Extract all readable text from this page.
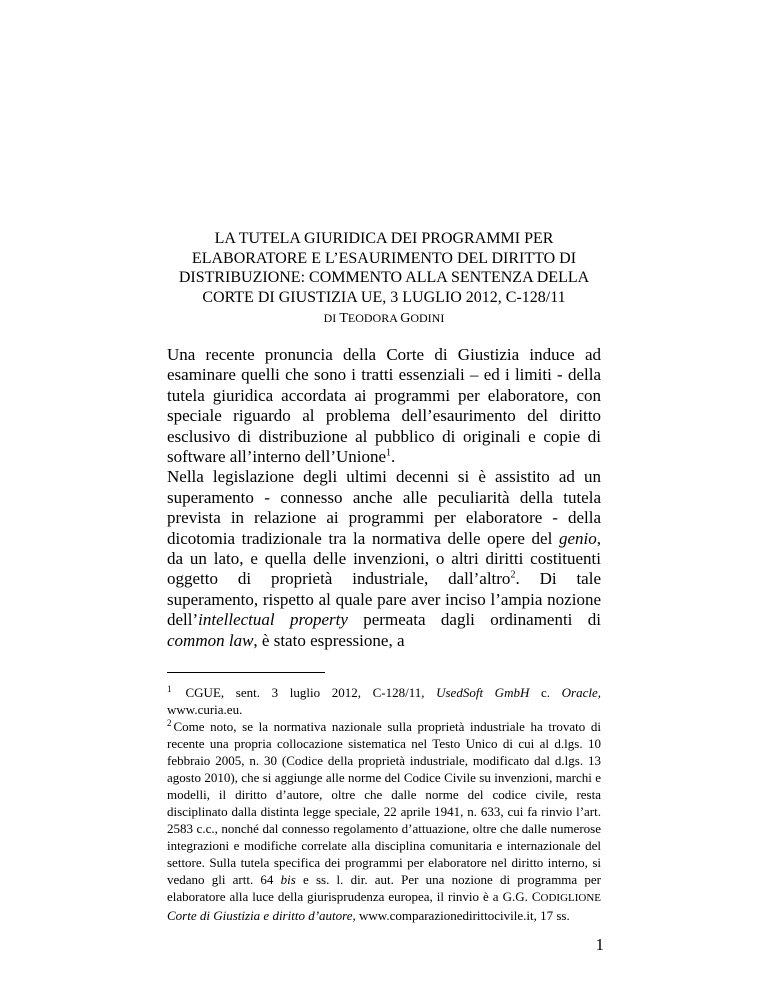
LA TUTELA GIURIDICA DEI PROGRAMMI PER
ELABORATORE E L’ESAURIMENTO DEL DIRITTO DI
DISTRIBUZIONE: COMMENTO ALLA SENTENZA DELLA
CORTE DI GIUSTIZIA UE, 3 LUGLIO 2012, C-128/11
DI TEODORA GODINI

Una recente pronuncia della Corte di Giustizia induce ad esaminare quelli che sono i tratti essenziali – ed i limiti - della tutela giuridica accordata ai programmi per elaboratore, con speciale riguardo al problema dell’esaurimento del diritto esclusivo di distribuzione al pubblico di originali e copie di software all’interno dell’Unione$^1$.

Nella legislazione degli ultimi decenni si è assistito ad un superamento - connesso anche alle peculiarità della tutela prevista in relazione ai programmi per elaboratore - della dicotomia tradizionale tra la normativa delle opere del genio, da un lato, e quella delle invenzioni, o altri diritti costituenti oggetto di proprietà industriale, dall’altro$^2$. Di tale superamento, rispetto al quale pare aver inciso l’ampia nozione dell’intellectual property permeata dagli ordinamenti di common law, è stato espressione, a

$^1$ CGUE, sent. 3 luglio 2012, C-128/11, UsedSoft GmbH c. Oracle, www.curia.eu.

$^2$ Come noto, se la normativa nazionale sulla proprietà industriale ha trovato di recente una propria collocazione sistematica nel Testo Unico di cui al d.lgs. 10 febbraio 2005, n. 30 (Codice della proprietà industriale, modificato dal d.lgs. 13 agosto 2010), che si aggiunge alle norme del Codice Civile su invenzioni, marchi e modelli, il diritto d’autore, oltre che dalle norme del codice civile, resta disciplinato dalla distinta legge speciale, 22 aprile 1941, n. 633, cui fa rinvio l’art. 2583 c.c., nonché dal connesso regolamento d’attuazione, oltre che dalle numerose integrazioni e modifiche correlate alla disciplina comunitaria e internazionale del settore. Sulla tutela specifica dei programmi per elaboratore nel diritto interno, si vedano gli artt. 64 bis e ss. l. dir. aut. Per una nozione di programma per elaboratore alla luce della giurisprudenza europea, il rinvio è a G.G. CODIGLIONE Corte di Giustizia e diritto d’autore, www.comparazionedirittocivile.it, 17 ss.

1
